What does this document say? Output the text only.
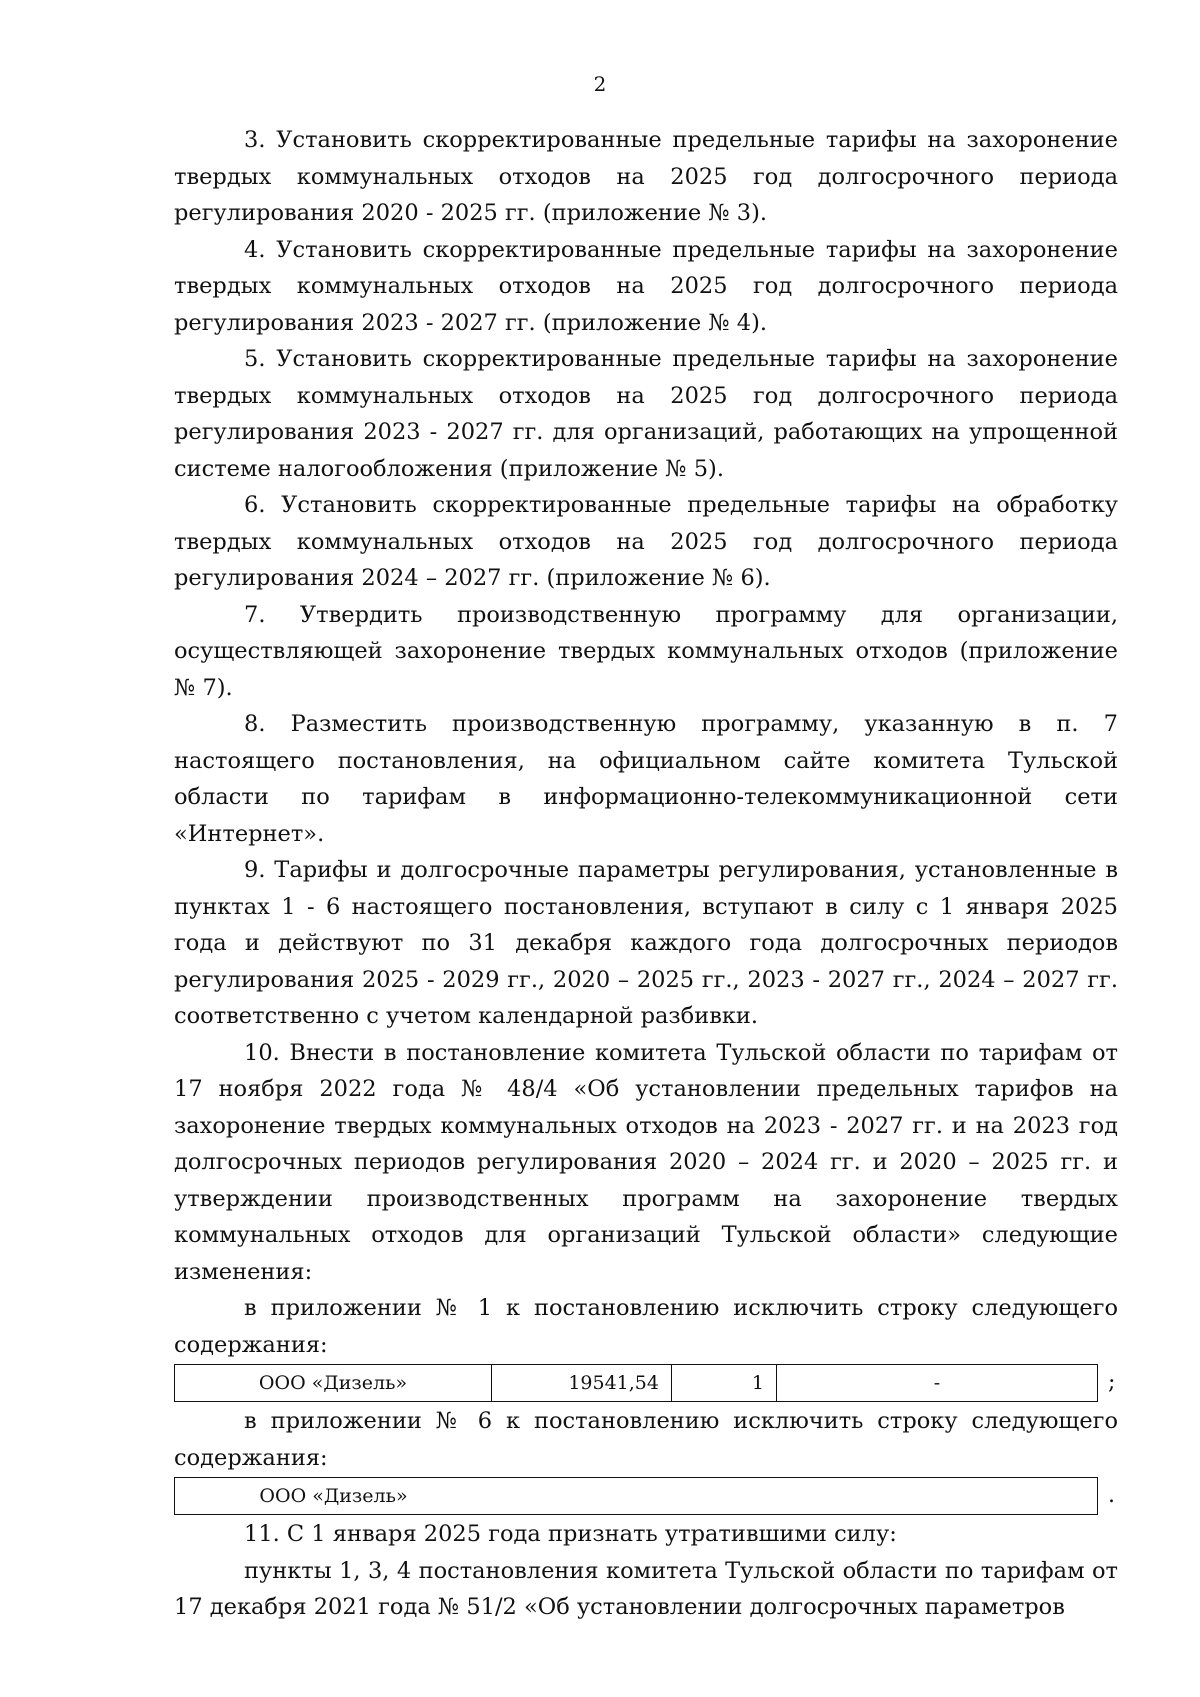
2

3. Установить скорректированные предельные тарифы на захоронение твердых коммунальных отходов на 2025 год долгосрочного периода регулирования 2020 - 2025 гг. (приложение № 3).

4. Установить скорректированные предельные тарифы на захоронение твердых коммунальных отходов на 2025 год долгосрочного периода регулирования 2023 - 2027 гг. (приложение № 4).

5. Установить скорректированные предельные тарифы на захоронение твердых коммунальных отходов на 2025 год долгосрочного периода регулирования 2023 - 2027 гг. для организаций, работающих на упрощенной системе налогообложения (приложение № 5).

6. Установить скорректированные предельные тарифы на обработку твердых коммунальных отходов на 2025 год долгосрочного периода регулирования 2024 – 2027 гг. (приложение № 6).

7. Утвердить производственную программу для организации, осуществляющей захоронение твердых коммунальных отходов (приложение № 7).

8. Разместить производственную программу, указанную в п. 7 настоящего постановления, на официальном сайте комитета Тульской области по тарифам в информационно-телекоммуникационной сети «Интернет».

9. Тарифы и долгосрочные параметры регулирования, установленные в пунктах 1 - 6 настоящего постановления, вступают в силу с 1 января 2025 года и действуют по 31 декабря каждого года долгосрочных периодов регулирования 2025 - 2029 гг., 2020 – 2025 гг., 2023 - 2027 гг., 2024 – 2027 гг. соответственно с учетом календарной разбивки.

10. Внести в постановление комитета Тульской области по тарифам от 17 ноября 2022 года № 48/4 «Об установлении предельных тарифов на захоронение твердых коммунальных отходов на 2023 - 2027 гг. и на 2023 год долгосрочных периодов регулирования 2020 – 2024 гг. и 2020 – 2025 гг. и утверждении производственных программ на захоронение твердых коммунальных отходов для организаций Тульской области» следующие изменения:

в приложении № 1 к постановлению исключить строку следующего содержания:

ООО «Дизель»	19541,54	1	-	;

в приложении № 6 к постановлению исключить строку следующего содержания:

ООО «Дизель»	.

11. С 1 января 2025 года признать утратившими силу:

пункты 1, 3, 4 постановления комитета Тульской области по тарифам от 17 декабря 2021 года № 51/2 «Об установлении долгосрочных параметров
